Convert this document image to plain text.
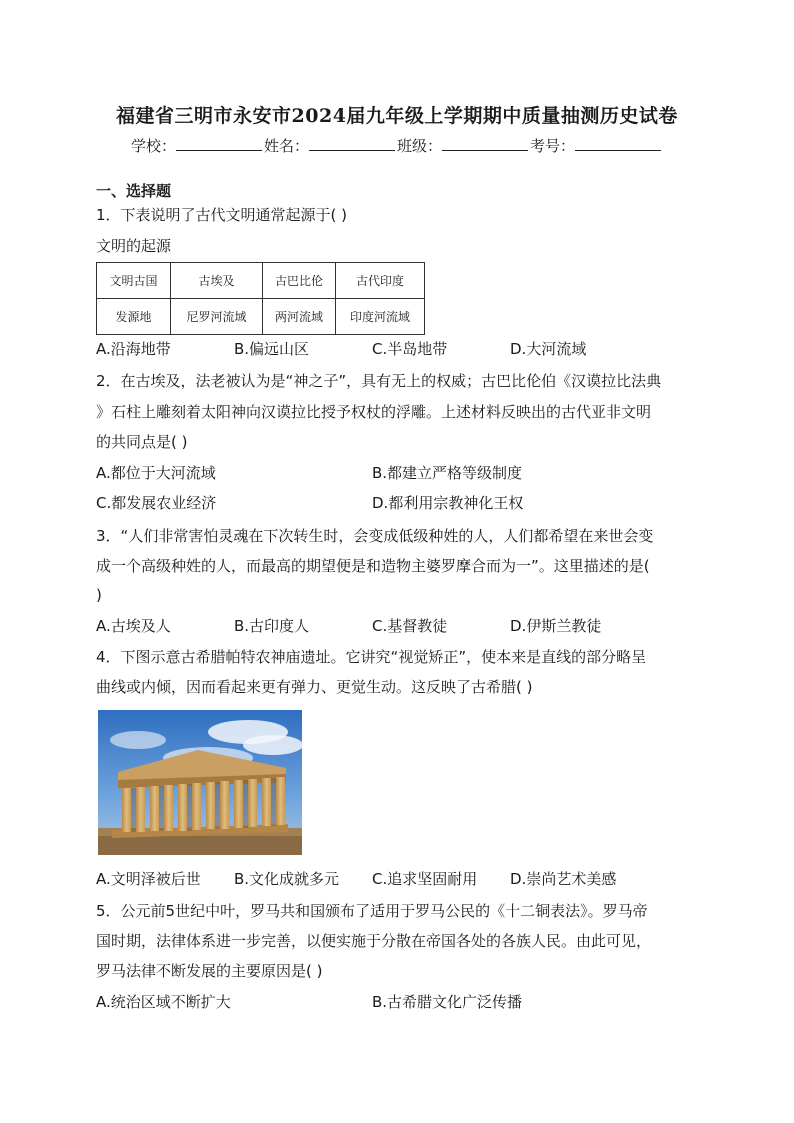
福建省三明市永安市2024届九年级上学期期中质量抽测历史试卷
学校：	姓名：	班级：	考号：
一、选择题
1．下表说明了古代文明通常起源于( )
文明的起源
文明古国	古埃及	古巴比伦	古代印度
发源地	尼罗河流域	两河流域	印度河流域
A.沿海地带	B.偏远山区	C.半岛地带	D.大河流域
2．在古埃及，法老被认为是“神之子”，具有无上的权威；古巴比伦伯《汉谟拉比法典
》石柱上雕刻着太阳神向汉谟拉比授予权杖的浮雕。上述材料反映出的古代亚非文明
的共同点是( )
A.都位于大河流域	B.都建立严格等级制度
C.都发展农业经济	D.都利用宗教神化王权
3．“人们非常害怕灵魂在下次转生时，会变成低级种姓的人，人们都希望在来世会变
成一个高级种姓的人，而最高的期望便是和造物主婆罗摩合而为一”。这里描述的是(
)
A.古埃及人	B.古印度人	C.基督教徒	D.伊斯兰教徒
4．下图示意古希腊帕特农神庙遗址。它讲究“视觉矫正”，使本来是直线的部分略呈
曲线或内倾，因而看起来更有弹力、更觉生动。这反映了古希腊( )
A.文明泽被后世 B.文化成就多元 C.追求坚固耐用 D.崇尚艺术美感
5．公元前5世纪中叶，罗马共和国颁布了适用于罗马公民的《十二铜表法》。罗马帝
国时期，法律体系进一步完善，以便实施于分散在帝国各处的各族人民。由此可见，
罗马法律不断发展的主要原因是( )
A.统治区域不断扩大	B.古希腊文化广泛传播
